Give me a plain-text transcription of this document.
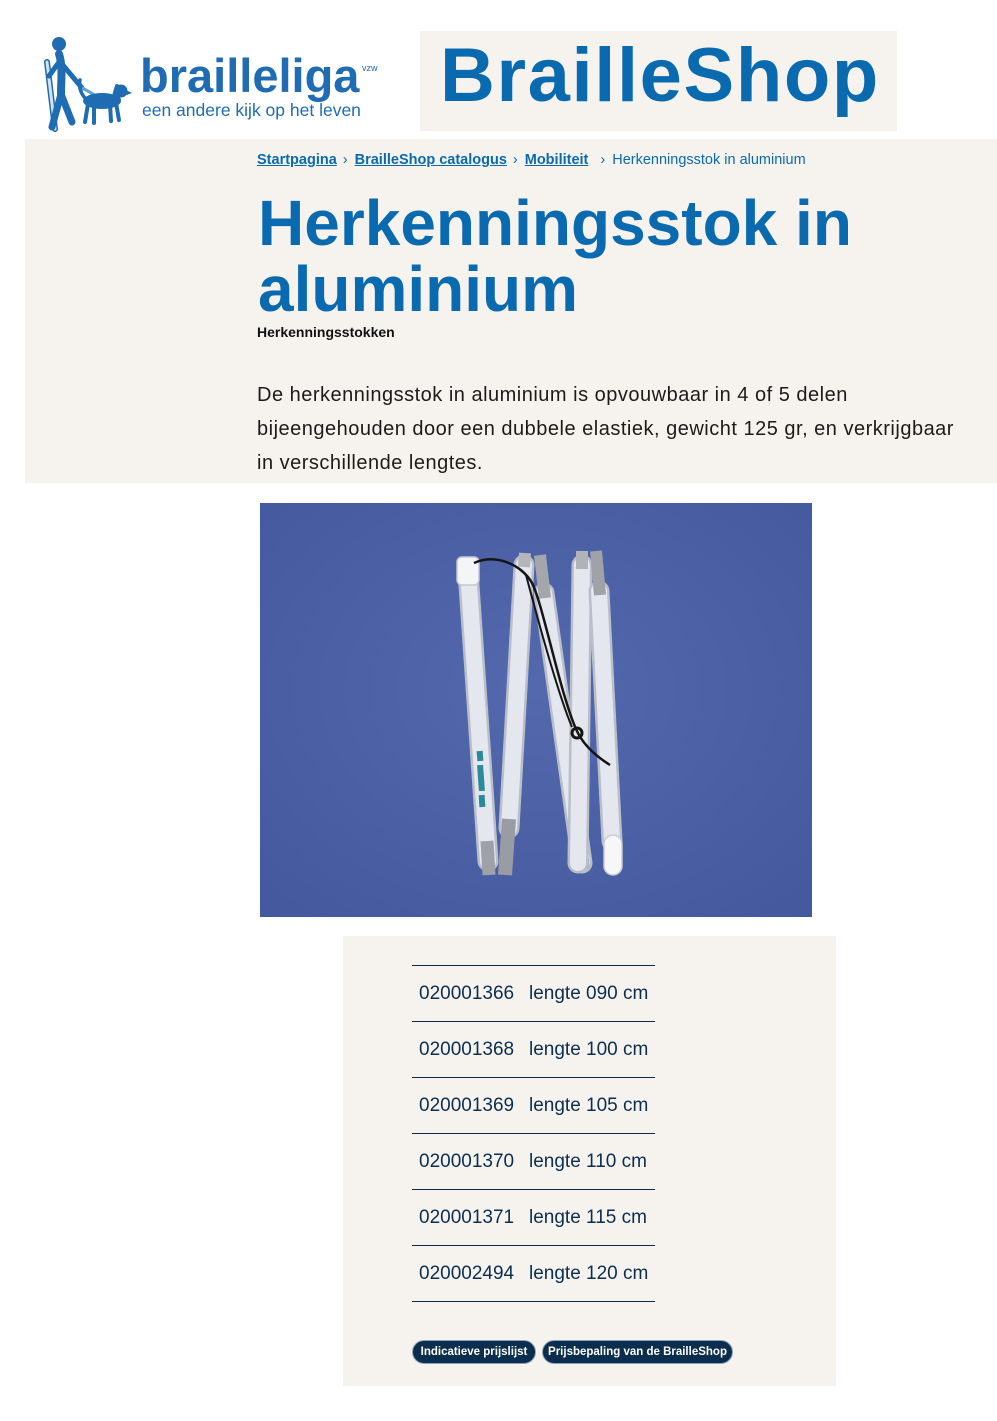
brailleliga vzw
een andere kijk op het leven BrailleShop
Startpagina › BrailleShop catalogus › Mobiliteit › Herkenningsstok in aluminium
Herkenningsstok in aluminium
Herkenningsstokken

De herkenningsstok in aluminium is opvouwbaar in 4 of 5 delen bijeengehouden door een dubbele elastiek, gewicht 125 gr, en verkrijgbaar in verschillende lengtes.

020001366 lengte 090 cm
020001368 lengte 100 cm
020001369 lengte 105 cm
020001370 lengte 110 cm
020001371 lengte 115 cm
020002494 lengte 120 cm
Indicatieve prijslijst	Prijsbepaling van de BrailleShop
